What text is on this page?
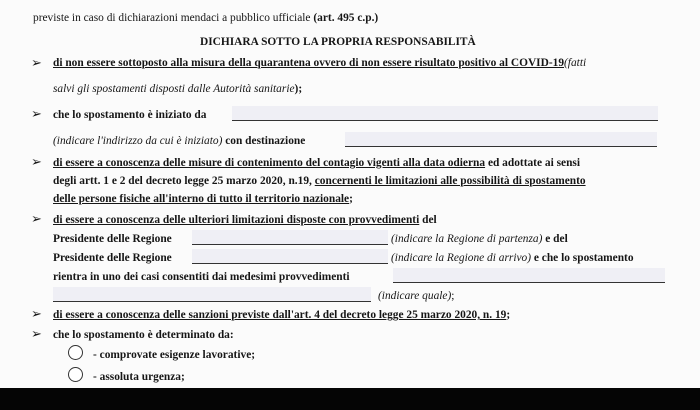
previste in caso di dichiarazioni mendaci a pubblico ufficiale (art. 495 c.p.)
DICHIARA SOTTO LA PROPRIA RESPONSABILITÀ
➢ di non essere sottoposto alla misura della quarantena ovvero di non essere risultato positivo al COVID-19(fatti
salvi gli spostamenti disposti dalle Autorità sanitarie);
➢ che lo spostamento è iniziato da
(indicare l'indirizzo da cui è iniziato) con destinazione
➢ di essere a conoscenza delle misure di contenimento del contagio vigenti alla data odierna ed adottate ai sensi
degli artt. 1 e 2 del decreto legge 25 marzo 2020, n.19, concernenti le limitazioni alle possibilità di spostamento
delle persone fisiche all'interno di tutto il territorio nazionale;
➢ di essere a conoscenza delle ulteriori limitazioni disposte con provvedimenti del
Presidente delle Regione	(indicare la Regione di partenza) e del
Presidente delle Regione	(indicare la Regione di arrivo) e che lo spostamento
rientra in uno dei casi consentiti dai medesimi provvedimenti
(indicare quale);
➢ di essere a conoscenza delle sanzioni previste dall'art. 4 del decreto legge 25 marzo 2020, n. 19;
➢ che lo spostamento è determinato da:
- comprovate esigenze lavorative;
- assoluta urgenza;
